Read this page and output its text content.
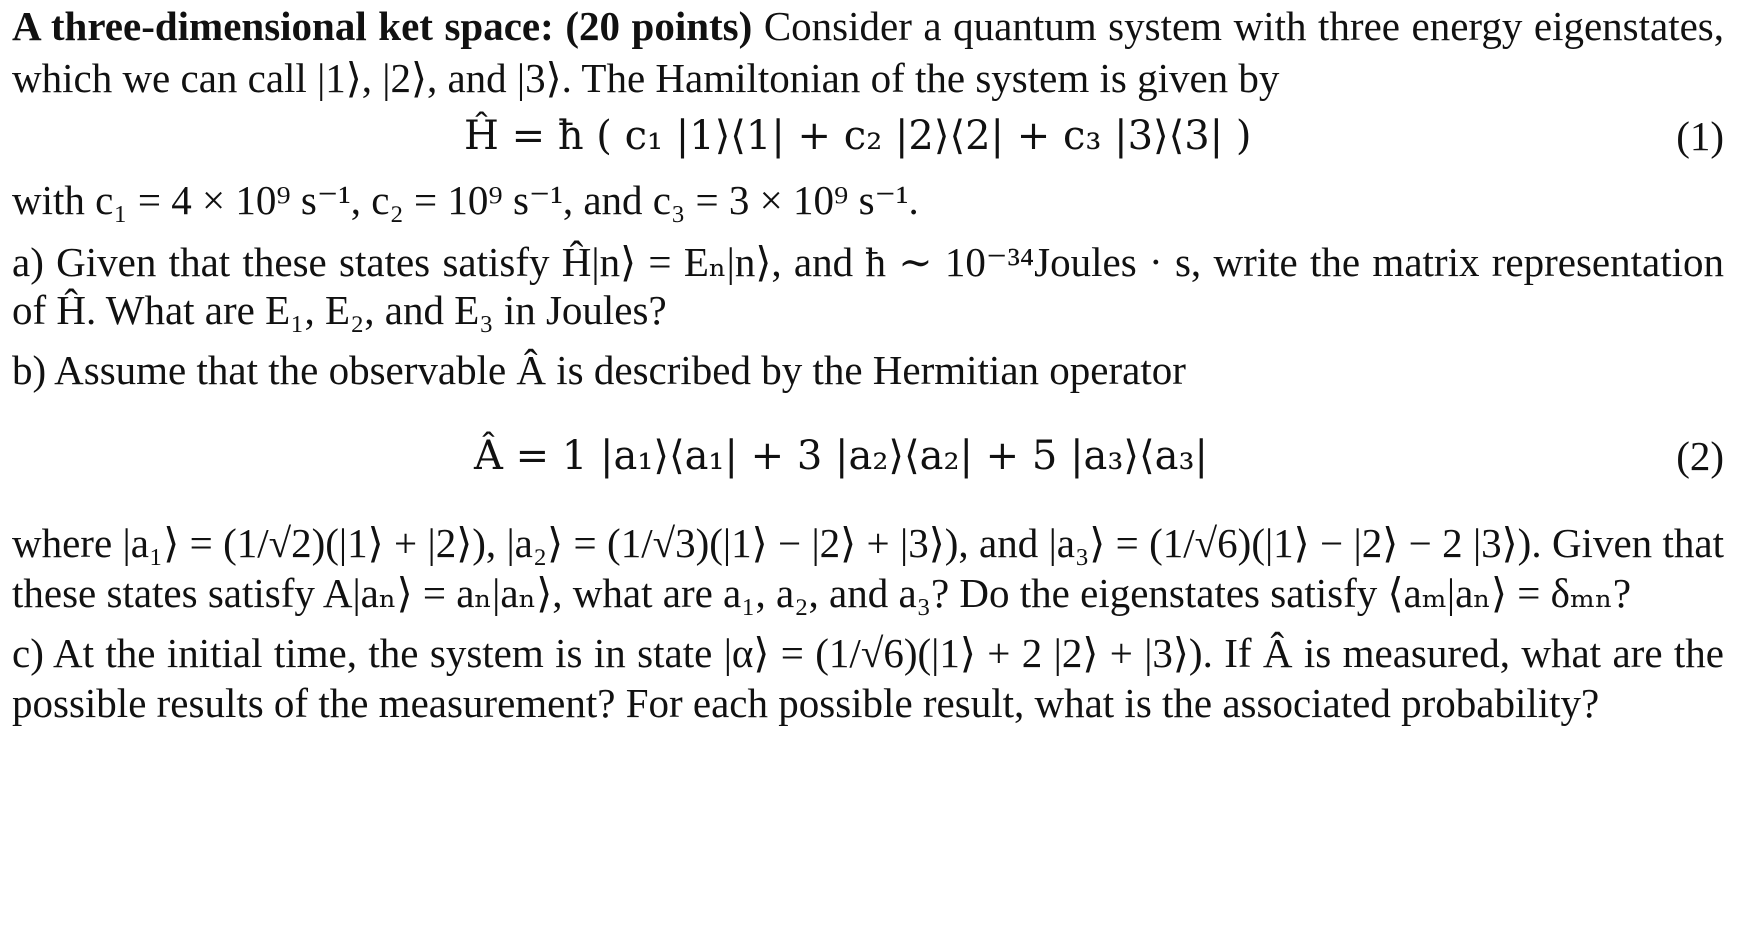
A three-dimensional ket space: (20 points) Consider a quantum system with three energy eigenstates, which we can call |1⟩, |2⟩, and |3⟩. The Hamiltonian of the system is given by

Ĥ = ħ ( c₁ |1⟩⟨1| + c₂ |2⟩⟨2| + c₃ |3⟩⟨3| )	(1)

with c₁ = 4 × 10⁹ s⁻¹, c₂ = 10⁹ s⁻¹, and c₃ = 3 × 10⁹ s⁻¹.

a) Given that these states satisfy Ĥ|n⟩ = Eₙ|n⟩, and ħ ∼ 10⁻³⁴Joules · s, write the matrix representation of Ĥ. What are E₁, E₂, and E₃ in Joules?

b) Assume that the observable Â is described by the Hermitian operator

Â = 1 |a₁⟩⟨a₁| + 3 |a₂⟩⟨a₂| + 5 |a₃⟩⟨a₃|	(2)

where |a₁⟩ = (1/√2)(|1⟩ + |2⟩), |a₂⟩ = (1/√3)(|1⟩ − |2⟩ + |3⟩), and |a₃⟩ = (1/√6)(|1⟩ − |2⟩ − 2 |3⟩). Given that these states satisfy A|aₙ⟩ = aₙ|aₙ⟩, what are a₁, a₂, and a₃? Do the eigenstates satisfy ⟨aₘ|aₙ⟩ = δₘₙ?

c) At the initial time, the system is in state |α⟩ = (1/√6)(|1⟩ + 2 |2⟩ + |3⟩). If Â is measured, what are the possible results of the measurement? For each possible result, what is the associated probability?
